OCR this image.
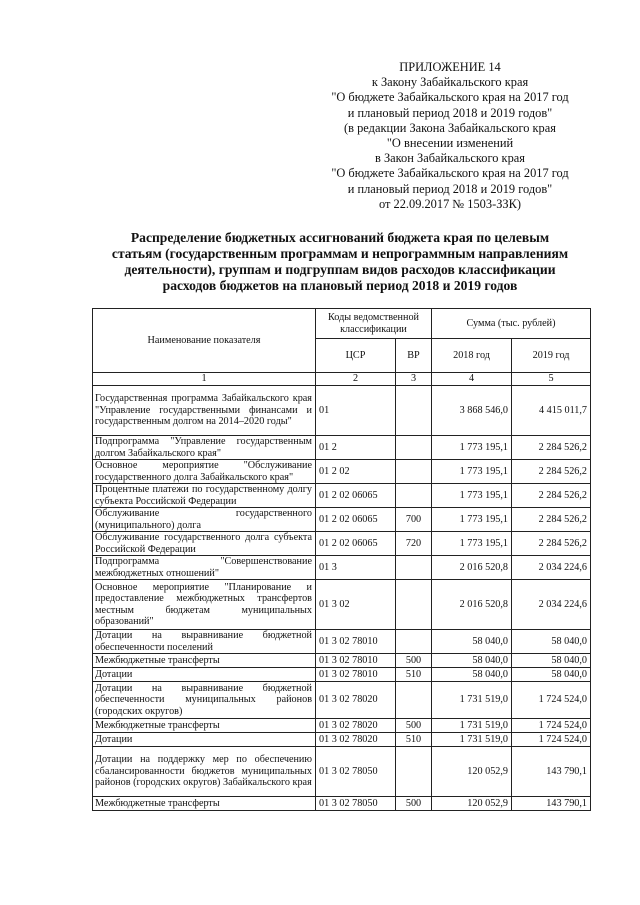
ПРИЛОЖЕНИЕ 14
к Закону Забайкальского края
"О бюджете Забайкальского края на 2017 год
и плановый период 2018 и 2019 годов"
(в редакции Закона Забайкальского края
"О внесении изменений
в Закон Забайкальского края
"О бюджете Забайкальского края на 2017 год
и плановый период 2018 и 2019 годов"
от 22.09.2017 № 1503-ЗЗК)
Распределение бюджетных ассигнований бюджета края по целевым
статьям (государственным программам и непрограммным направлениям
деятельности), группам и подгруппам видов расходов классификации
расходов бюджетов на плановый период 2018 и 2019 годов
Наименование показателя	Коды ведомственной классификации		Сумма (тыс. рублей)	
	ЦСР	ВР	2018 год	2019 год
1	2	3	4	5
Государственная программа Забайкальского края "Управление государственными финансами и государственным долгом на 2014–2020 годы"	01		3 868 546,0	4 415 011,7
Подпрограмма "Управление государственным долгом Забайкальского края"	01 2		1 773 195,1	2 284 526,2
Основное мероприятие "Обслуживание государственного долга Забайкальского края"	01 2 02		1 773 195,1	2 284 526,2
Процентные платежи по государственному долгу субъекта Российской Федерации	01 2 02 06065		1 773 195,1	2 284 526,2
Обслуживание государственного (муниципального) долга	01 2 02 06065	700	1 773 195,1	2 284 526,2
Обслуживание государственного долга субъекта Российской Федерации	01 2 02 06065	720	1 773 195,1	2 284 526,2
Подпрограмма "Совершенствование межбюджетных отношений"	01 3		2 016 520,8	2 034 224,6
Основное мероприятие "Планирование и предоставление межбюджетных трансфертов местным бюджетам муниципальных образований"	01 3 02		2 016 520,8	2 034 224,6
Дотации на выравнивание бюджетной обеспеченности поселений	01 3 02 78010		58 040,0	58 040,0
Межбюджетные трансферты	01 3 02 78010	500	58 040,0	58 040,0
Дотации	01 3 02 78010	510	58 040,0	58 040,0
Дотации на выравнивание бюджетной обеспеченности муниципальных районов (городских округов)	01 3 02 78020		1 731 519,0	1 724 524,0
Межбюджетные трансферты	01 3 02 78020	500	1 731 519,0	1 724 524,0
Дотации	01 3 02 78020	510	1 731 519,0	1 724 524,0
Дотации на поддержку мер по обеспечению сбалансированности бюджетов муниципальных районов (городских округов) Забайкальского края	01 3 02 78050		120 052,9	143 790,1
Межбюджетные трансферты	01 3 02 78050	500	120 052,9	143 790,1
